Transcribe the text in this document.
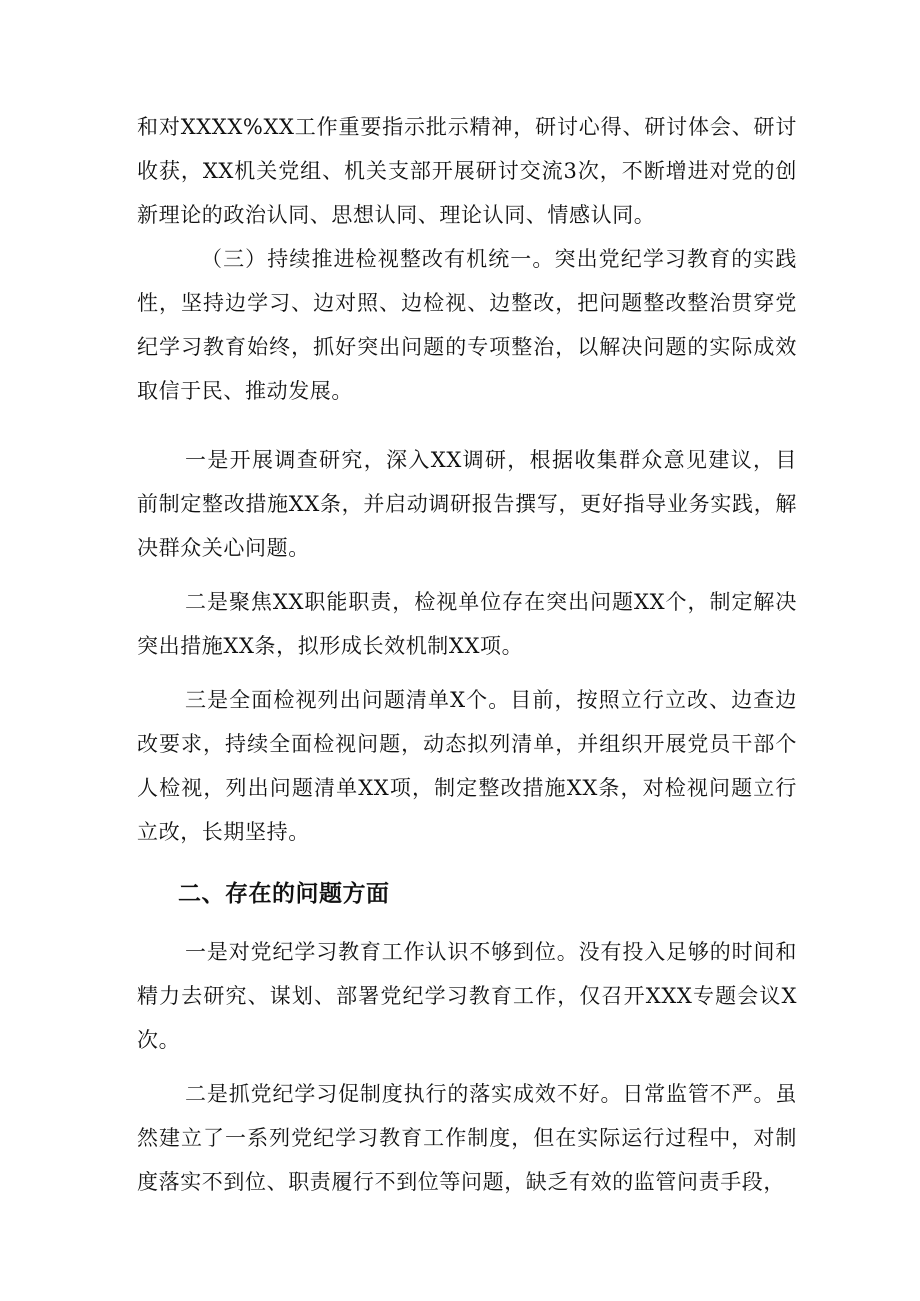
和对XXXX%XX工作重要指示批示精神，研讨心得、研讨体会、研讨收获，XX机关党组、机关支部开展研讨交流3次，不断增进对党的创新理论的政治认同、思想认同、理论认同、情感认同。

（三）持续推进检视整改有机统一。突出党纪学习教育的实践性，坚持边学习、边对照、边检视、边整改，把问题整改整治贯穿党纪学习教育始终，抓好突出问题的专项整治，以解决问题的实际成效取信于民、推动发展。

一是开展调查研究，深入XX调研，根据收集群众意见建议，目前制定整改措施XX条，并启动调研报告撰写，更好指导业务实践，解决群众关心问题。

二是聚焦XX职能职责，检视单位存在突出问题XX个，制定解决突出措施XX条，拟形成长效机制XX项。

三是全面检视列出问题清单X个。目前，按照立行立改、边查边改要求，持续全面检视问题，动态拟列清单，并组织开展党员干部个人检视，列出问题清单XX项，制定整改措施XX条，对检视问题立行立改，长期坚持。

二、存在的问题方面

一是对党纪学习教育工作认识不够到位。没有投入足够的时间和精力去研究、谋划、部署党纪学习教育工作，仅召开XXX专题会议X次。

二是抓党纪学习促制度执行的落实成效不好。日常监管不严。虽然建立了一系列党纪学习教育工作制度，但在实际运行过程中，对制度落实不到位、职责履行不到位等问题，缺乏有效的监管问责手段，
